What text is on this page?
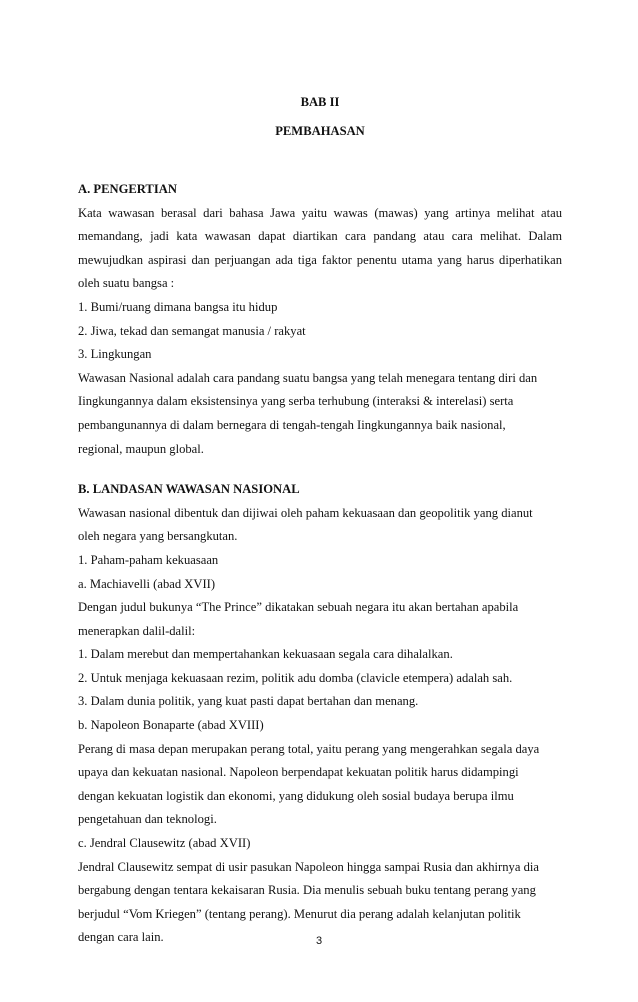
BAB II
PEMBAHASAN
A. PENGERTIAN
Kata wawasan berasal dari bahasa Jawa yaitu wawas (mawas) yang artinya melihat atau
memandang, jadi kata wawasan dapat diartikan cara pandang atau cara melihat. Dalam
mewujudkan aspirasi dan perjuangan ada tiga faktor penentu utama yang harus diperhatikan
oleh suatu bangsa :
1. Bumi/ruang dimana bangsa itu hidup
2. Jiwa, tekad dan semangat manusia / rakyat
3. Lingkungan
Wawasan Nasional adalah cara pandang suatu bangsa yang telah menegara tentang diri dan
Iingkungannya dalam eksistensinya yang serba terhubung (interaksi & interelasi) serta
pembangunannya di dalam bernegara di tengah-tengah Iingkungannya baik nasional,
regional, maupun global.
B. LANDASAN WAWASAN NASIONAL
Wawasan nasional dibentuk dan dijiwai oleh paham kekuasaan dan geopolitik yang dianut
oleh negara yang bersangkutan.
1. Paham-paham kekuasaan
a. Machiavelli (abad XVII)
Dengan judul bukunya “The Prince” dikatakan sebuah negara itu akan bertahan apabila
menerapkan dalil-dalil:
1. Dalam merebut dan mempertahankan kekuasaan segala cara dihalalkan.
2. Untuk menjaga kekuasaan rezim, politik adu domba (clavicle etempera) adalah sah.
3. Dalam dunia politik, yang kuat pasti dapat bertahan dan menang.
b. Napoleon Bonaparte (abad XVIII)
Perang di masa depan merupakan perang total, yaitu perang yang mengerahkan segala daya
upaya dan kekuatan nasional. Napoleon berpendapat kekuatan politik harus didampingi
dengan kekuatan logistik dan ekonomi, yang didukung oleh sosial budaya berupa ilmu
pengetahuan dan teknologi.
c. Jendral Clausewitz (abad XVII)
Jendral Clausewitz sempat di usir pasukan Napoleon hingga sampai Rusia dan akhirnya dia
bergabung dengan tentara kekaisaran Rusia. Dia menulis sebuah buku tentang perang yang
berjudul “Vom Kriegen” (tentang perang). Menurut dia perang adalah kelanjutan politik
dengan cara lain.	3
